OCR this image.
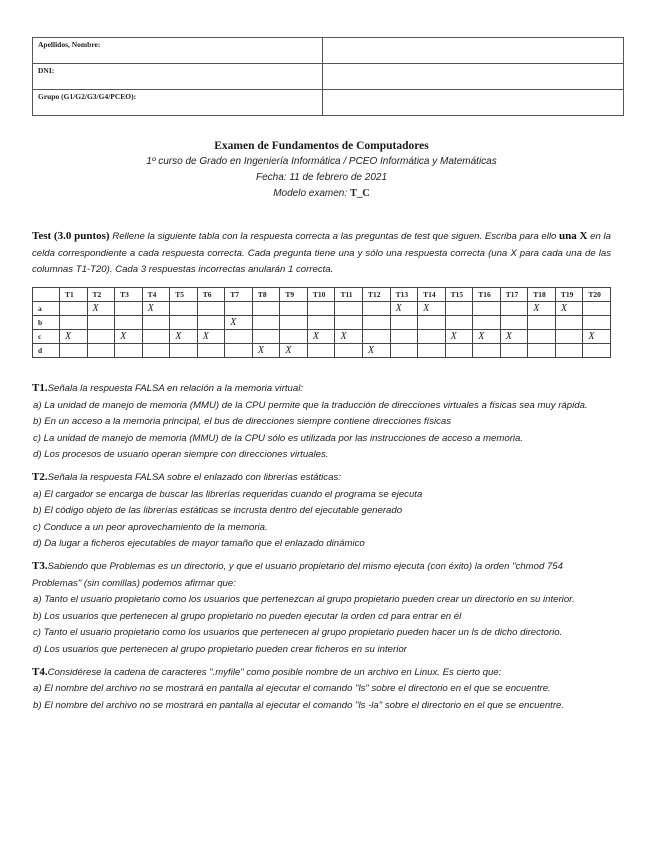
Apellidos, Nombre:	
DNI:	
Grupo (G1/G2/G3/G4/PCEO):	
Examen de Fundamentos de Computadores
1º curso de Grado en Ingeniería Informática / PCEO Informática y Matemáticas
Fecha: 11 de febrero de 2021
Modelo examen: T_C
Test (3.0 puntos) Rellene la siguiente tabla con la respuesta correcta a las preguntas de test que siguen. Escriba para ello una X en la celda correspondiente a cada respuesta correcta. Cada pregunta tiene una y sólo una respuesta correcta (una X para cada una de las columnas T1-T20). Cada 3 respuestas incorrectas anularán 1 correcta.
	T1	T2	T3	T4	T5	T6	T7	T8	T9	T10	T11	T12	T13	T14	T15	T16	T17	T18	T19	T20
a		X		X									X	X				X	X	
b							X													
c	X		X		X	X				X	X				X	X	X			X
d								X	X			X								
T1.Señala la respuesta FALSA en relación a la memoria virtual:
a) La unidad de manejo de memoria (MMU) de la CPU permite que la traducción de direcciones virtuales a físicas sea muy rápida.
b) En un acceso a la memoria principal, el bus de direcciones siempre contiene direcciones físicas
c) La unidad de manejo de memoria (MMU) de la CPU sólo es utilizada por las instrucciones de acceso a memoria.
d) Los procesos de usuario operan siempre con direcciones virtuales.
T2.Señala la respuesta FALSA sobre el enlazado con librerías estáticas:
a) El cargador se encarga de buscar las librerías requeridas cuando el programa se ejecuta
b) El código objeto de las librerías estáticas se incrusta dentro del ejecutable generado
c) Conduce a un peor aprovechamiento de la memoria.
d) Da lugar a ficheros ejecutables de mayor tamaño que el enlazado dinámico
T3.Sabiendo que Problemas es un directorio, y que el usuario propietario del mismo ejecuta (con éxito) la orden "chmod 754 Problemas" (sin comillas) podemos afirmar que:
a) Tanto el usuario propietario como los usuarios que pertenezcan al grupo propietario pueden crear un directorio en su interior.
b) Los usuarios que pertenecen al grupo propietario no pueden ejecutar la orden cd para entrar en él
c) Tanto el usuario propietario como los usuarios que pertenecen al grupo propietario pueden hacer un ls de dicho directorio.
d) Los usuarios que pertenecen al grupo propietario pueden crear ficheros en su interior
T4.Considérese la cadena de caracteres ".myfile" como posible nombre de un archivo en Linux. Es cierto que:
a) El nombre del archivo no se mostrará en pantalla al ejecutar el comando "ls" sobre el directorio en el que se encuentre.
b) El nombre del archivo no se mostrará en pantalla al ejecutar el comando "ls -la" sobre el directorio en el que se encuentre.
